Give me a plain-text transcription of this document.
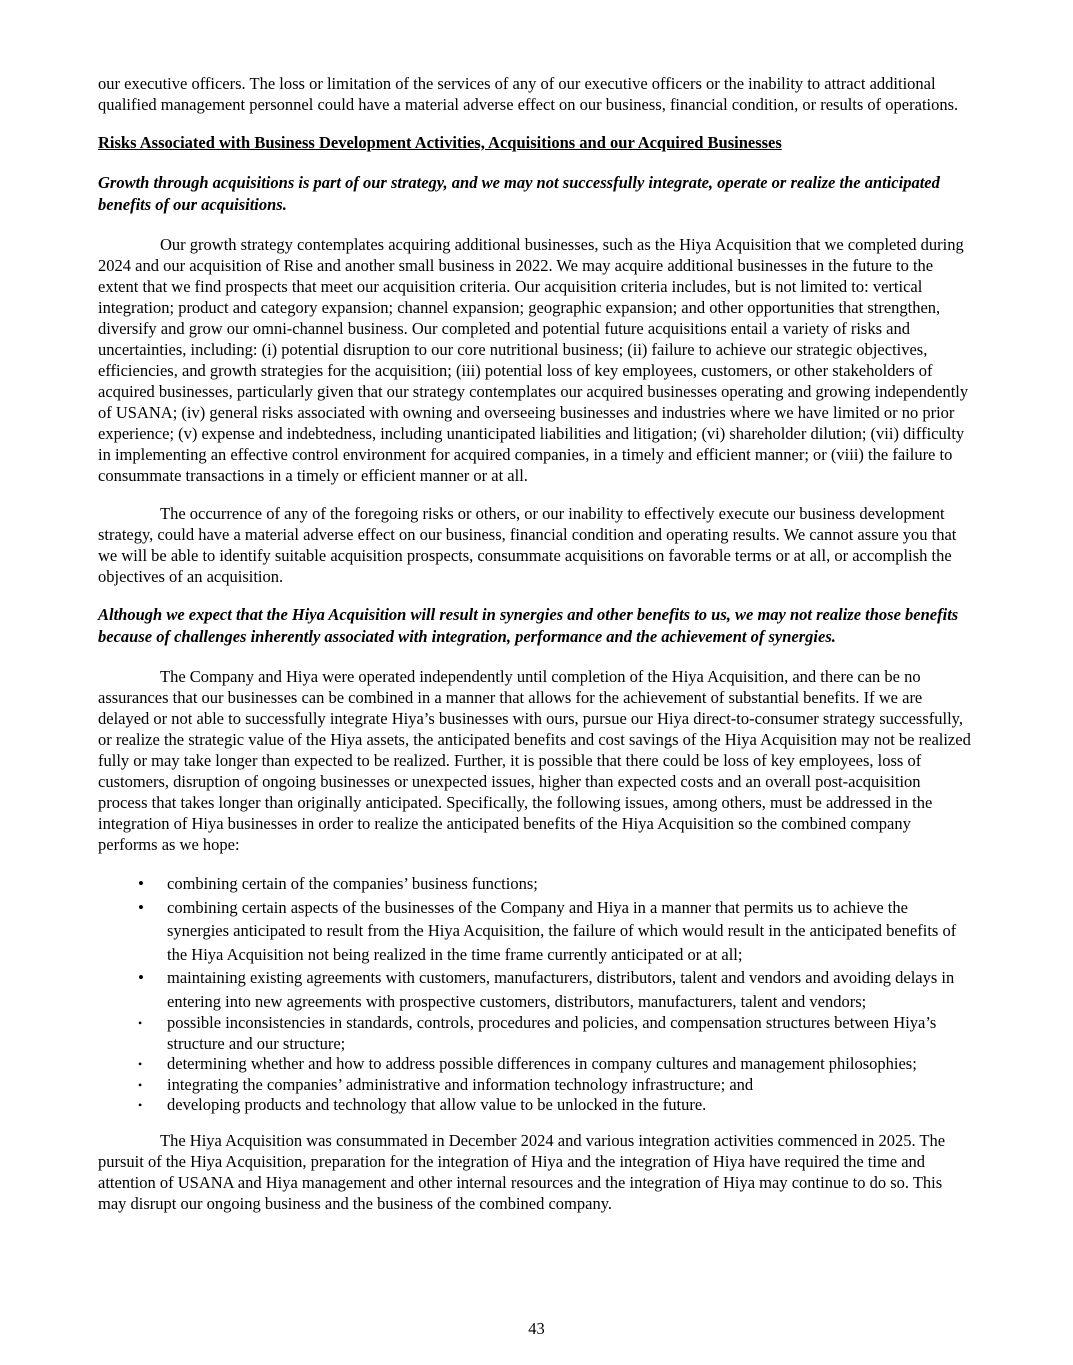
our executive officers. The loss or limitation of the services of any of our executive officers or the inability to attract additional qualified management personnel could have a material adverse effect on our business, financial condition, or results of operations.

Risks Associated with Business Development Activities, Acquisitions and our Acquired Businesses
Growth through acquisitions is part of our strategy, and we may not successfully integrate, operate or realize the anticipated benefits of our acquisitions.

Our growth strategy contemplates acquiring additional businesses, such as the Hiya Acquisition that we completed during 2024 and our acquisition of Rise and another small business in 2022. We may acquire additional businesses in the future to the extent that we find prospects that meet our acquisition criteria. Our acquisition criteria includes, but is not limited to: vertical integration; product and category expansion; channel expansion; geographic expansion; and other opportunities that strengthen, diversify and grow our omni-channel business. Our completed and potential future acquisitions entail a variety of risks and uncertainties, including: (i) potential disruption to our core nutritional business; (ii) failure to achieve our strategic objectives, efficiencies, and growth strategies for the acquisition; (iii) potential loss of key employees, customers, or other stakeholders of acquired businesses, particularly given that our strategy contemplates our acquired businesses operating and growing independently of USANA; (iv) general risks associated with owning and overseeing businesses and industries where we have limited or no prior experience; (v) expense and indebtedness, including unanticipated liabilities and litigation; (vi) shareholder dilution; (vii) difficulty in implementing an effective control environment for acquired companies, in a timely and efficient manner; or (viii) the failure to consummate transactions in a timely or efficient manner or at all.

The occurrence of any of the foregoing risks or others, or our inability to effectively execute our business development strategy, could have a material adverse effect on our business, financial condition and operating results. We cannot assure you that we will be able to identify suitable acquisition prospects, consummate acquisitions on favorable terms or at all, or accomplish the objectives of an acquisition.

Although we expect that the Hiya Acquisition will result in synergies and other benefits to us, we may not realize those benefits because of challenges inherently associated with integration, performance and the achievement of synergies.

The Company and Hiya were operated independently until completion of the Hiya Acquisition, and there can be no assurances that our businesses can be combined in a manner that allows for the achievement of substantial benefits. If we are delayed or not able to successfully integrate Hiya’s businesses with ours, pursue our Hiya direct-to-consumer strategy successfully, or realize the strategic value of the Hiya assets, the anticipated benefits and cost savings of the Hiya Acquisition may not be realized fully or may take longer than expected to be realized. Further, it is possible that there could be loss of key employees, loss of customers, disruption of ongoing businesses or unexpected issues, higher than expected costs and an overall post-acquisition process that takes longer than originally anticipated. Specifically, the following issues, among others, must be addressed in the integration of Hiya businesses in order to realize the anticipated benefits of the Hiya Acquisition so the combined company performs as we hope:

• combining certain of the companies’ business functions;
• combining certain aspects of the businesses of the Company and Hiya in a manner that permits us to achieve the synergies anticipated to result from the Hiya Acquisition, the failure of which would result in the anticipated benefits of the Hiya Acquisition not being realized in the time frame currently anticipated or at all;
• maintaining existing agreements with customers, manufacturers, distributors, talent and vendors and avoiding delays in entering into new agreements with prospective customers, distributors, manufacturers, talent and vendors;
• possible inconsistencies in standards, controls, procedures and policies, and compensation structures between Hiya’s structure and our structure;
• determining whether and how to address possible differences in company cultures and management philosophies;
• integrating the companies’ administrative and information technology infrastructure; and
• developing products and technology that allow value to be unlocked in the future.

The Hiya Acquisition was consummated in December 2024 and various integration activities commenced in 2025. The pursuit of the Hiya Acquisition, preparation for the integration of Hiya and the integration of Hiya have required the time and attention of USANA and Hiya management and other internal resources and the integration of Hiya may continue to do so. This may disrupt our ongoing business and the business of the combined company.

43
